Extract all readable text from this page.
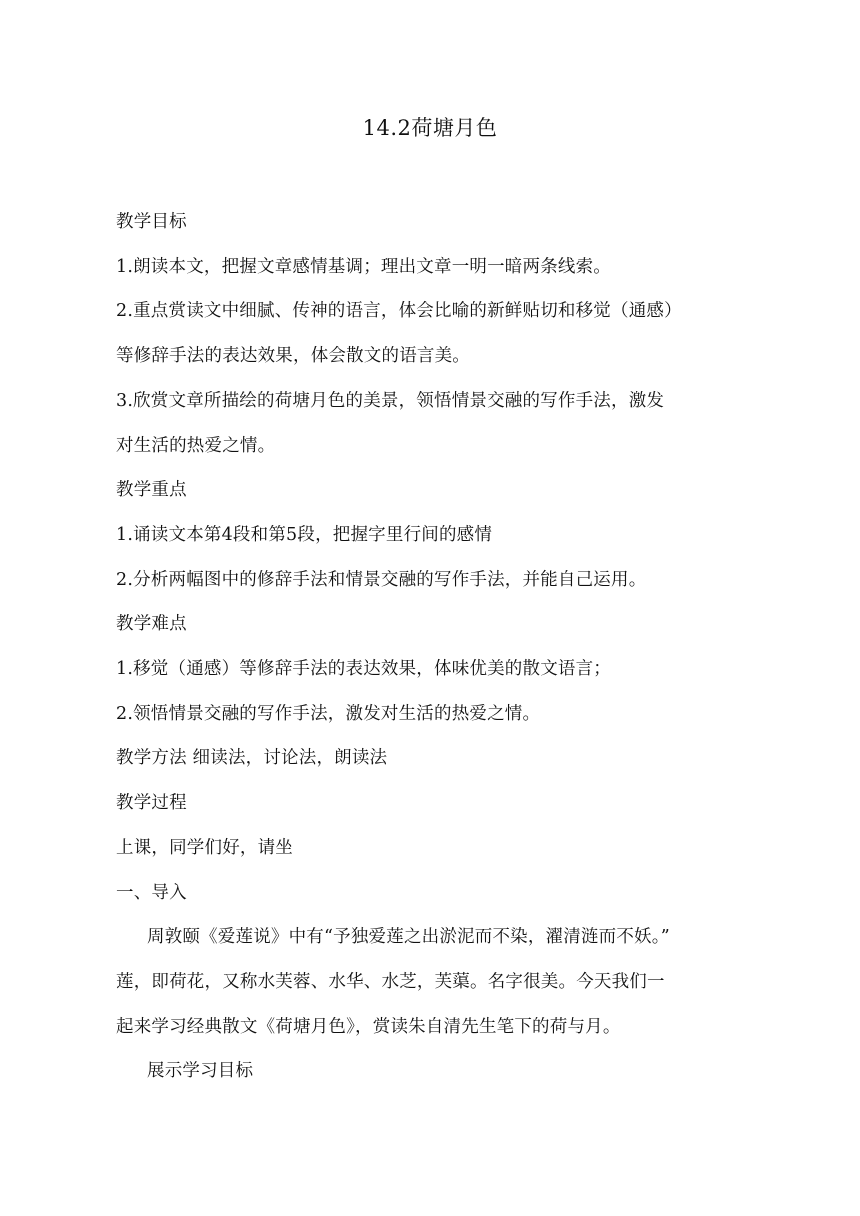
14.2荷塘月色
教学目标
1.朗读本文，把握文章感情基调；理出文章一明一暗两条线索。
2.重点赏读文中细腻、传神的语言，体会比喻的新鲜贴切和移觉（通感）
等修辞手法的表达效果，体会散文的语言美。
3.欣赏文章所描绘的荷塘月色的美景，领悟情景交融的写作手法，激发
对生活的热爱之情。
教学重点
1.诵读文本第4段和第5段，把握字里行间的感情
2.分析两幅图中的修辞手法和情景交融的写作手法，并能自己运用。
教学难点
1.移觉（通感）等修辞手法的表达效果，体味优美的散文语言；
2.领悟情景交融的写作手法，激发对生活的热爱之情。
教学方法 细读法，讨论法，朗读法
教学过程
上课，同学们好，请坐
一、导入
周敦颐《爱莲说》中有“予独爱莲之出淤泥而不染，濯清涟而不妖。”
莲，即荷花，又称水芙蓉、水华、水芝，芙蕖。名字很美。今天我们一
起来学习经典散文《荷塘月色》，赏读朱自清先生笔下的荷与月。
展示学习目标
